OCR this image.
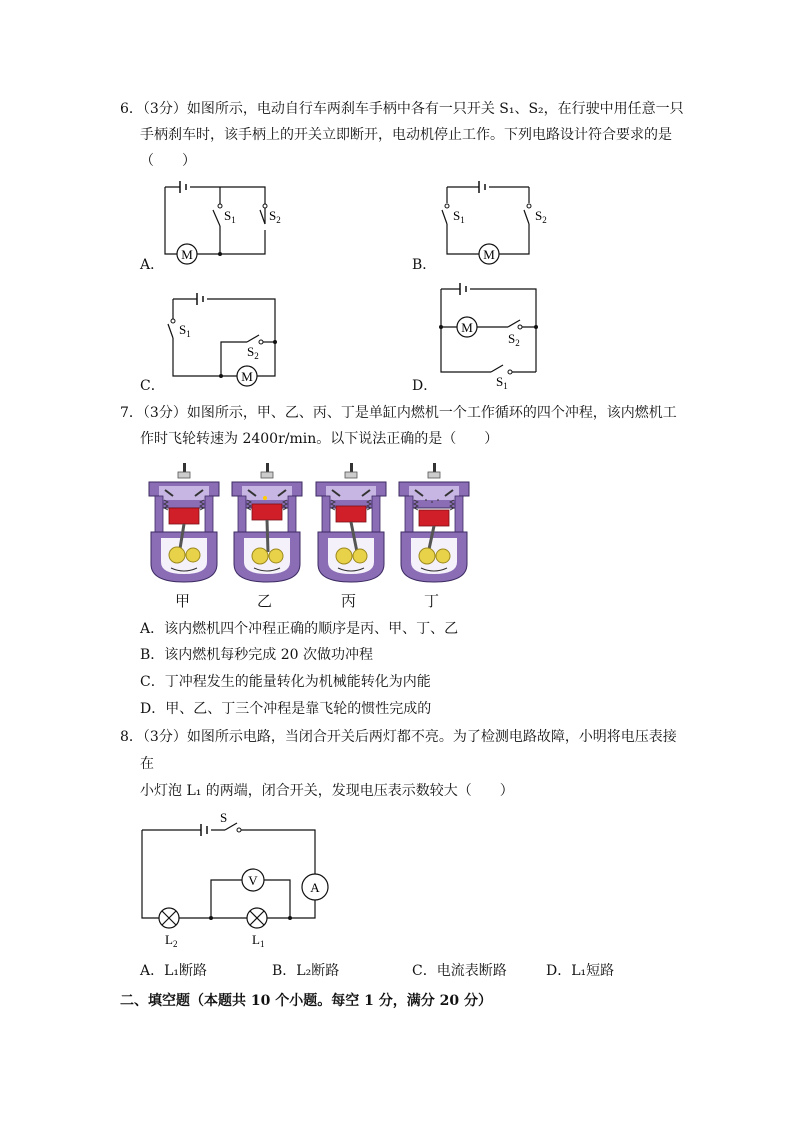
6．（3分）如图所示，电动自行车两刹车手柄中各有一只开关 S₁、S₂，在行驶中用任意一只
手柄刹车时，该手柄上的开关立即断开，电动机停止工作。下列电路设计符合要求的是
（　　）
A．	B．
C．	D．
M
$S_1$	$S_2$
M
$S_1$	$S_2$
M
$S_1$
$S_2$
M
$S_2$
$S_1$
7．（3分）如图所示，甲、乙、丙、丁是单缸内燃机一个工作循环的四个冲程，该内燃机工
作时飞轮转速为 2400r/min。以下说法正确的是（　　）
甲	乙	丙	丁
A．该内燃机四个冲程正确的顺序是丙、甲、丁、乙
B．该内燃机每秒完成 20 次做功冲程
C．丁冲程发生的能量转化为机械能转化为内能
D．甲、乙、丁三个冲程是靠飞轮的惯性完成的
8．（3分）如图所示电路，当闭合开关后两灯都不亮。为了检测电路故障，小明将电压表接
在
小灯泡 L₁ 的两端，闭合开关，发现电压表示数较大（　　）
S
V	A
$L_2$	$L_1$
A．L₁断路	B．L₂断路	C．电流表断路	D．L₁短路
二、填空题（本题共 10 个小题。每空 1 分，满分 20 分）
